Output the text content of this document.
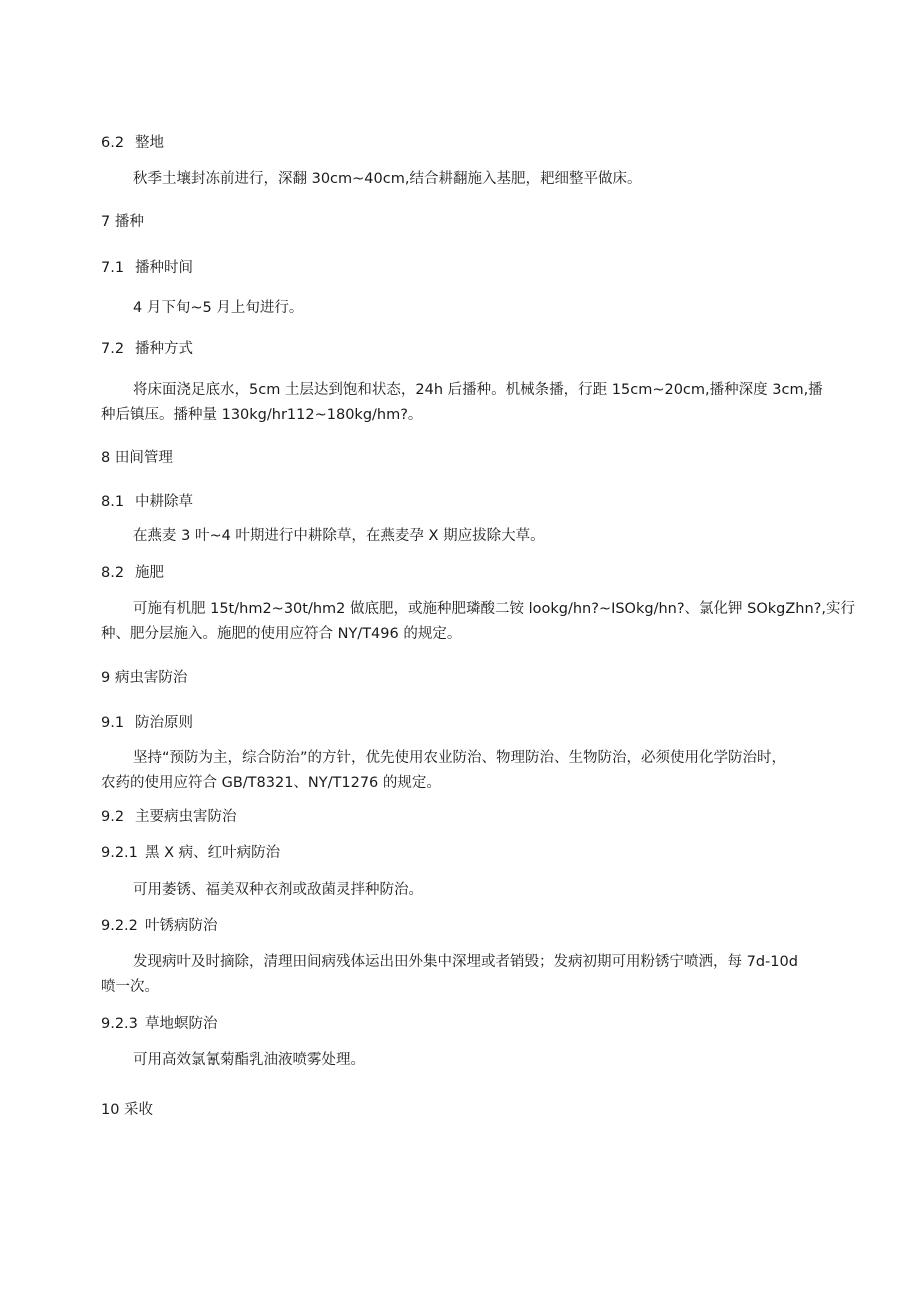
6.2 整地
秋季土壤封冻前进行，深翻 30cm~40cm,结合耕翻施入基肥，耙细整平做床。
7 播种
7.1 播种时间
4 月下旬~5 月上旬进行。
7.2 播种方式
将床面浇足底水，5cm 土层达到饱和状态，24h 后播种。机械条播，行距 15cm~20cm,播种深度 3cm,播
种后镇压。播种量 130kg∕hr112~180kg/hm?。
8 田间管理
8.1 中耕除草
在燕麦 3 叶~4 叶期进行中耕除草，在燕麦孕 X 期应拔除大草。
8.2 施肥
可施有机肥 15t∕hm2~30t∕hm2 做底肥，或施种肥璘酸二铵 lookg/hn?~ISOkg/hn?、氯化钾 SOkgZhn?,实行
种、肥分层施入。施肥的使用应符合 NY/T496 的规定。
9 病虫害防治
9.1 防治原则
坚持“预防为主，综合防治”的方针，优先使用农业防治、物理防治、生物防治，必须使用化学防治时，
农药的使用应符合 GB/T8321、NY/T1276 的规定。
9.2 主要病虫害防治
9.2.1 黑 X 病、红叶病防治
可用萎锈、福美双种衣剂或敌菌灵拌种防治。
9.2.2 叶锈病防治
发现病叶及时摘除，清理田间病残体运出田外集中深埋或者销毁；发病初期可用粉锈宁喷洒，每 7d-10d
喷一次。
9.2.3 草地螟防治
可用高效氯氰菊酯乳油液喷雾处理。
10 采收
